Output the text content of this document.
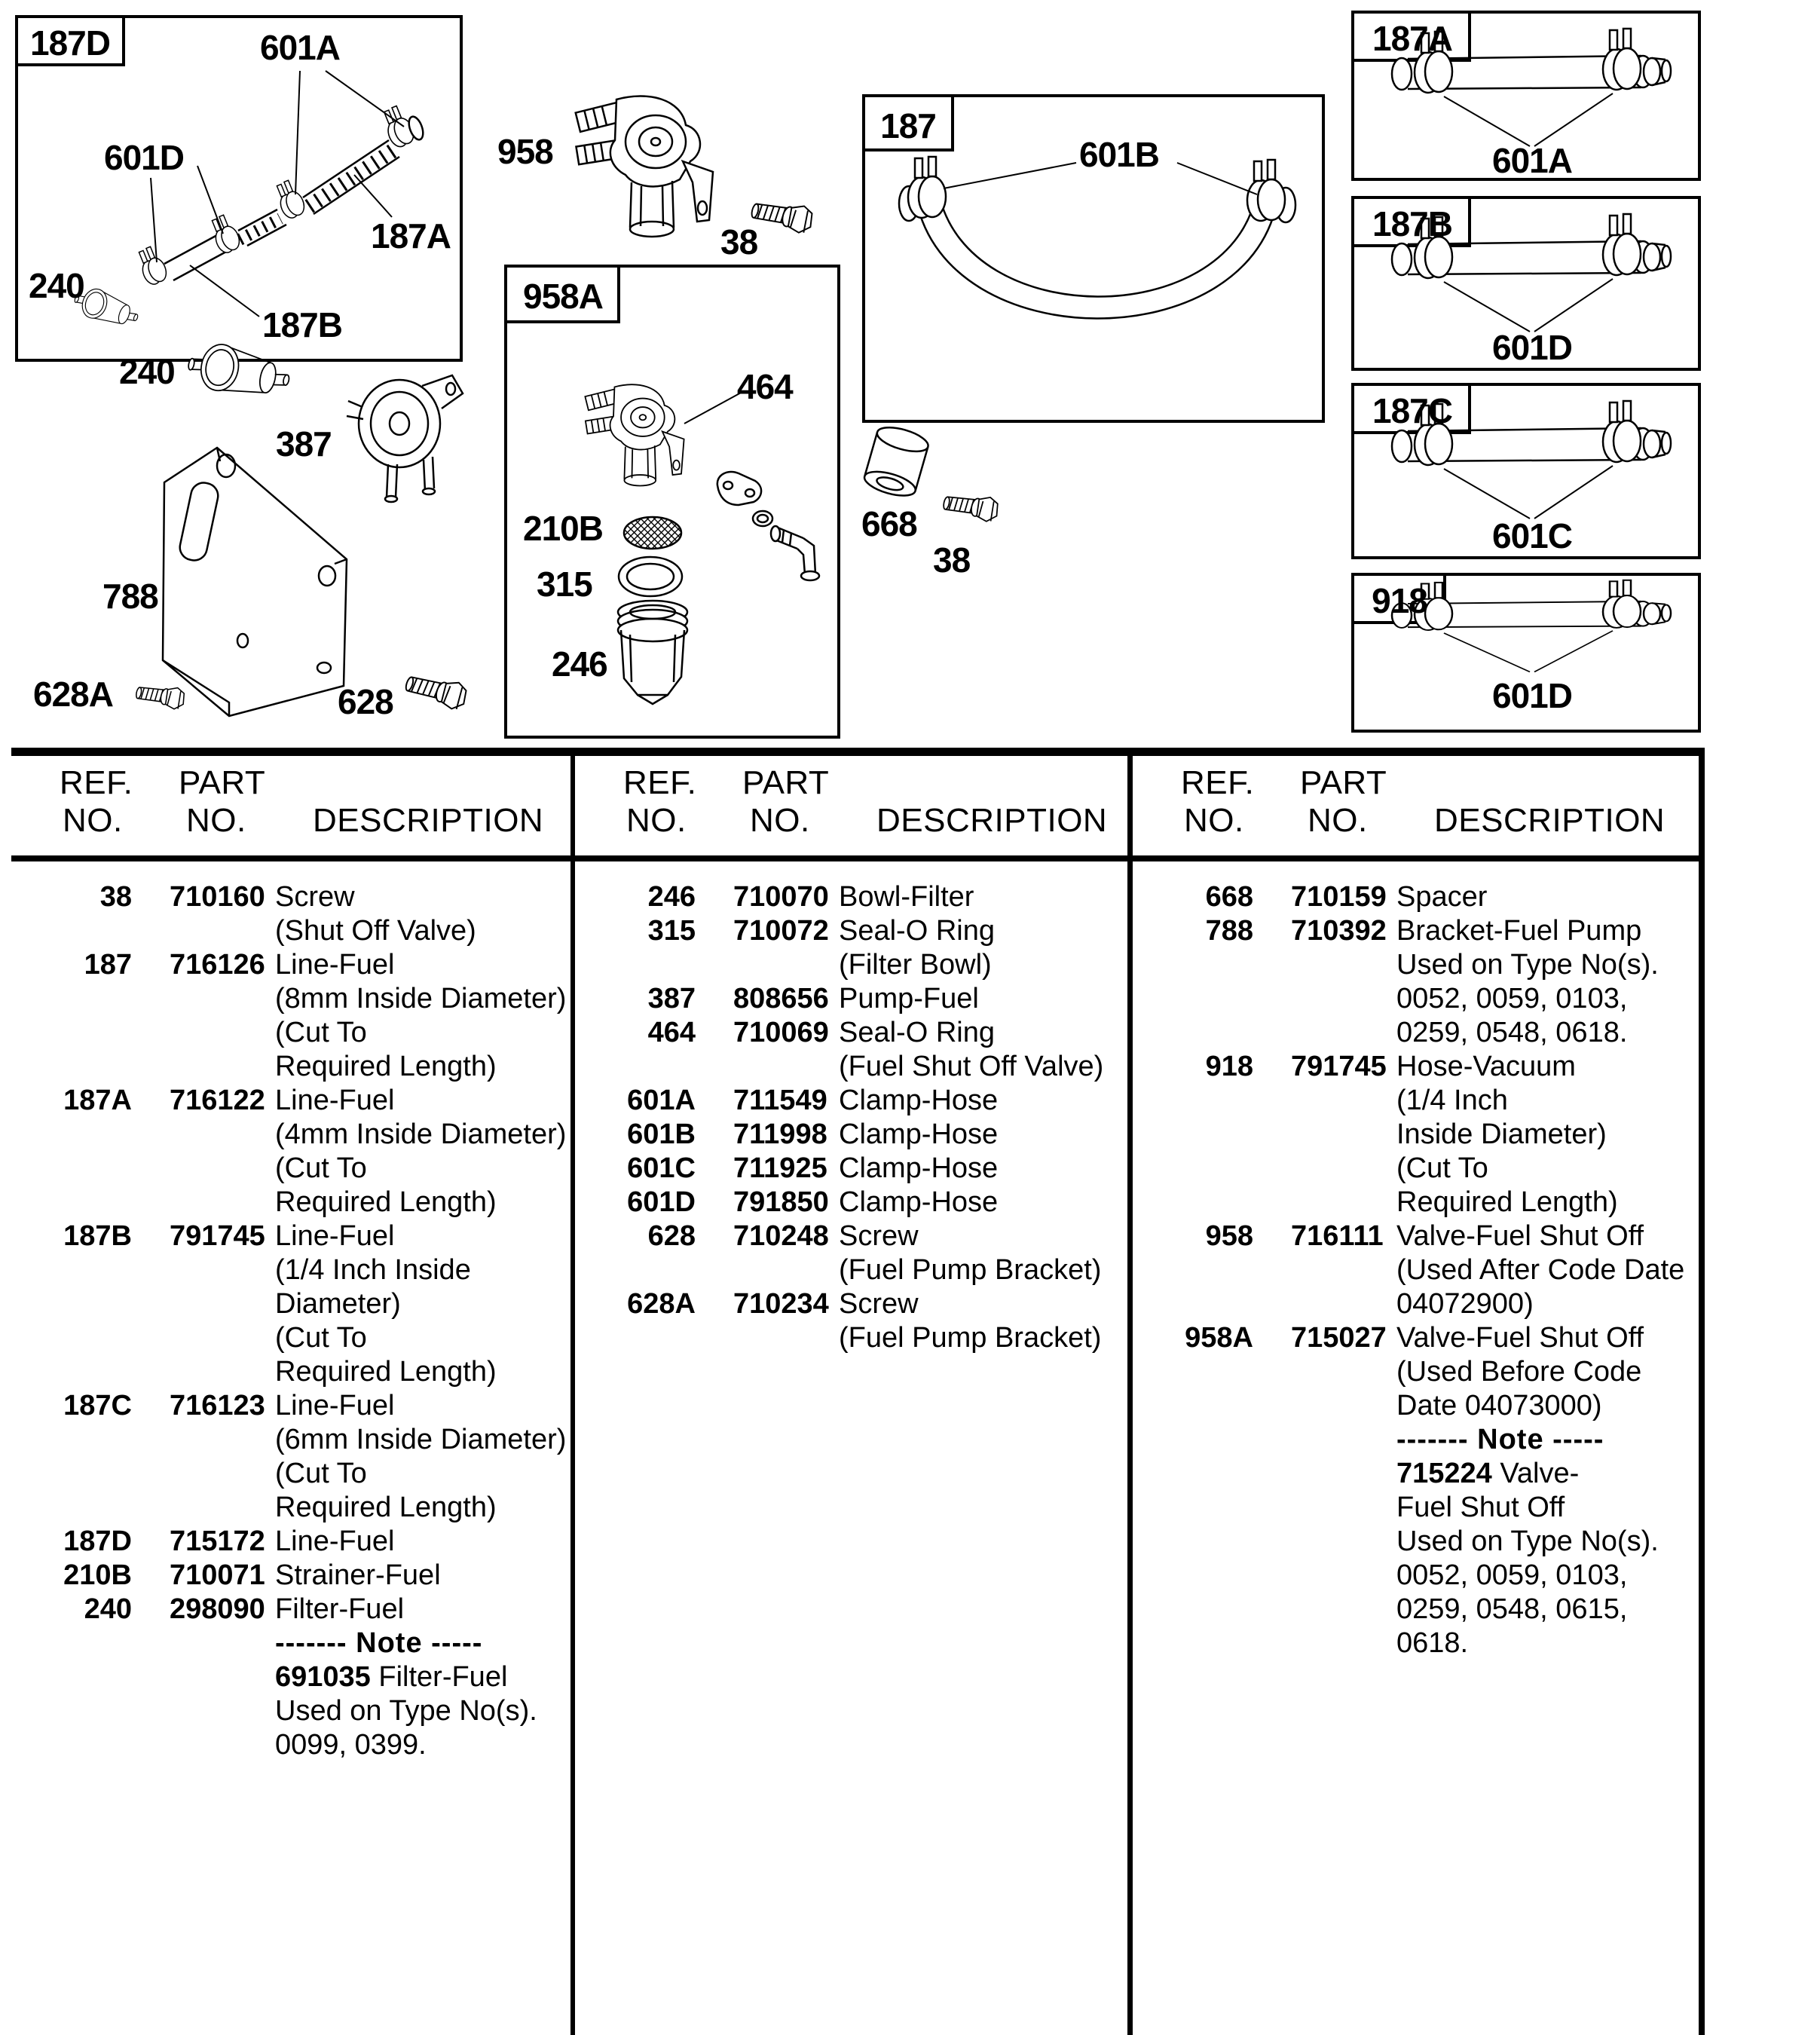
187D	601A
601D
187A
240
187B
958
38
187
601B
187A
601A
187B
601D
187C
601C
918
601D
240
387
788
628A	628
958A
464
210B
315
246
668
38
REF.
NO.
PART
NO. DESCRIPTION
REF.
NO.
PART
NO. DESCRIPTION
REF.
NO.
PART
NO. DESCRIPTION
38 710160 Screw
(Shut Off Valve)
187 716126 Line-Fuel
(8mm Inside Diameter)
(Cut To
Required Length)
187A 716122 Line-Fuel
(4mm Inside Diameter)
(Cut To
Required Length)
187B 791745 Line-Fuel
(1/4 Inch Inside
Diameter)
(Cut To
Required Length)
187C 716123 Line-Fuel
(6mm Inside Diameter)
(Cut To
Required Length)
187D 715172 Line-Fuel
210B 710071 Strainer-Fuel
240 298090 Filter-Fuel
------- Note -----
691035 Filter-Fuel
Used on Type No(s).
0099, 0399.
246 710070 Bowl-Filter
315 710072 Seal-O Ring
(Filter Bowl)
387 808656 Pump-Fuel
464 710069 Seal-O Ring
(Fuel Shut Off Valve)
601A 711549 Clamp-Hose
601B 711998 Clamp-Hose
601C 711925 Clamp-Hose
601D 791850 Clamp-Hose
628 710248 Screw
(Fuel Pump Bracket)
628A 710234 Screw
(Fuel Pump Bracket)
668 710159 Spacer
788 710392 Bracket-Fuel Pump
Used on Type No(s).
0052, 0059, 0103,
0259, 0548, 0618.
918 791745 Hose-Vacuum
(1/4 Inch
Inside Diameter)
(Cut To
Required Length)
958 716111 Valve-Fuel Shut Off
(Used After Code Date
04072900)
958A 715027 Valve-Fuel Shut Off
(Used Before Code
Date 04073000)
------- Note -----
715224 Valve-
Fuel Shut Off
Used on Type No(s).
0052, 0059, 0103,
0259, 0548, 0615,
0618.
